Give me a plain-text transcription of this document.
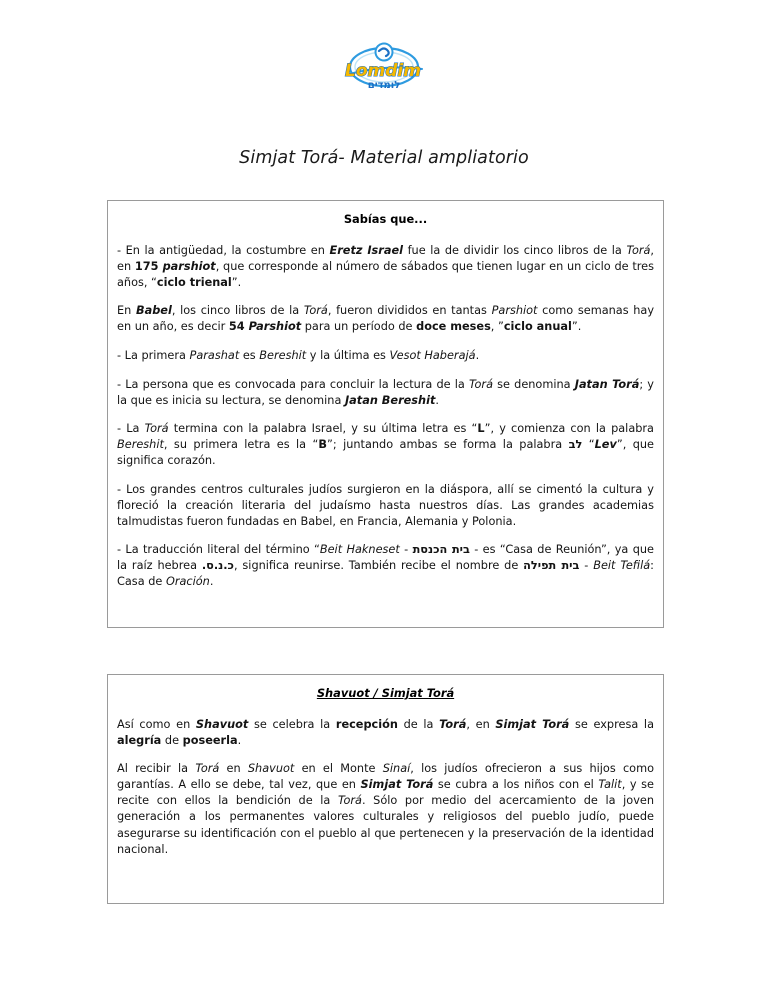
Lomdim
לומדים
Simjat Torá- Material ampliatorio
Sabías que...

- En la antigüedad, la costumbre en Eretz Israel fue la de dividir los cinco libros de la Torá, en 175 parshiot, que corresponde al número de sábados que tienen lugar en un ciclo de tres años, “ciclo trienal”.

En Babel, los cinco libros de la Torá, fueron divididos en tantas Parshiot como semanas hay en un año, es decir 54 Parshiot para un período de doce meses, ”ciclo anual”.

- La primera Parashat es Bereshit y la última es Vesot Haberajá.

- La persona que es convocada para concluir la lectura de la Torá se denomina Jatan Torá; y la que es inicia su lectura, se denomina Jatan Bereshit.

- La Torá termina con la palabra Israel, y su última letra es “L”, y comienza con la palabra Bereshit, su primera letra es la “B”; juntando ambas se forma la palabra לב “Lev”, que significa corazón.

- Los grandes centros culturales judíos surgieron en la diáspora, allí se cimentó la cultura y floreció la creación literaria del judaísmo hasta nuestros días. Las grandes academias talmudistas fueron fundadas en Babel, en Francia, Alemania y Polonia.

- La traducción literal del término “Beit Hakneset - בית הכנסת - es “Casa de Reunión”, ya que la raíz hebrea כ.נ.ס., significa reunirse. También recibe el nombre de בית תפילה - Beit Tefilá: Casa de Oración.

Shavuot / Simjat Torá

Así como en Shavuot se celebra la recepción de la Torá, en Simjat Torá se expresa la alegría de poseerla.

Al recibir la Torá en Shavuot en el Monte Sinaí, los judíos ofrecieron a sus hijos como garantías. A ello se debe, tal vez, que en Simjat Torá se cubra a los niños con el Talit, y se recite con ellos la bendición de la Torá. Sólo por medio del acercamiento de la joven generación a los permanentes valores culturales y religiosos del pueblo judío, puede asegurarse su identificación con el pueblo al que pertenecen y la preservación de la identidad nacional.
